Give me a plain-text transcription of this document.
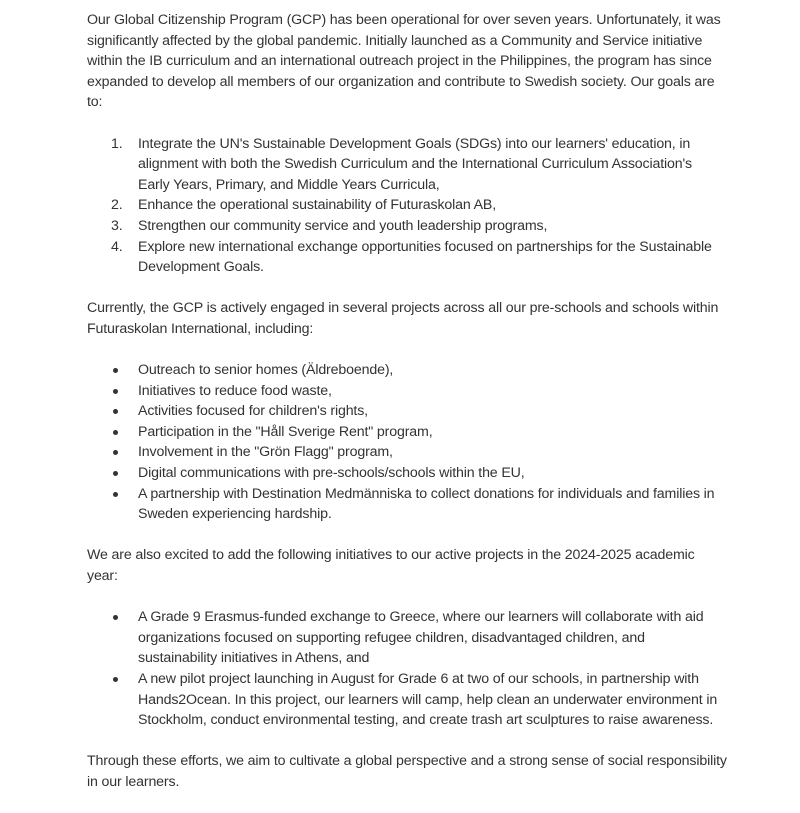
Our Global Citizenship Program (GCP) has been operational for over seven years. Unfortunately, it was significantly affected by the global pandemic. Initially launched as a Community and Service initiative within the IB curriculum and an international outreach project in the Philippines, the program has since expanded to develop all members of our organization and contribute to Swedish society. Our goals are to:

Integrate the UN's Sustainable Development Goals (SDGs) into our learners' education, in alignment with both the Swedish Curriculum and the International Curriculum Association's Early Years, Primary, and Middle Years Curricula,
Enhance the operational sustainability of Futuraskolan AB,
Strengthen our community service and youth leadership programs,
Explore new international exchange opportunities focused on partnerships for the Sustainable Development Goals.

Currently, the GCP is actively engaged in several projects across all our pre-schools and schools within Futuraskolan International, including:

Outreach to senior homes (Äldreboende),
Initiatives to reduce food waste,
Activities focused for children's rights,
Participation in the "Håll Sverige Rent" program,
Involvement in the "Grön Flagg" program,
Digital communications with pre-schools/schools within the EU,
A partnership with Destination Medmänniska to collect donations for individuals and families in Sweden experiencing hardship.

We are also excited to add the following initiatives to our active projects in the 2024-2025 academic year:

A Grade 9 Erasmus-funded exchange to Greece, where our learners will collaborate with aid organizations focused on supporting refugee children, disadvantaged children, and sustainability initiatives in Athens, and
A new pilot project launching in August for Grade 6 at two of our schools, in partnership with Hands2Ocean. In this project, our learners will camp, help clean an underwater environment in Stockholm, conduct environmental testing, and create trash art sculptures to raise awareness.

Through these efforts, we aim to cultivate a global perspective and a strong sense of social responsibility in our learners.
